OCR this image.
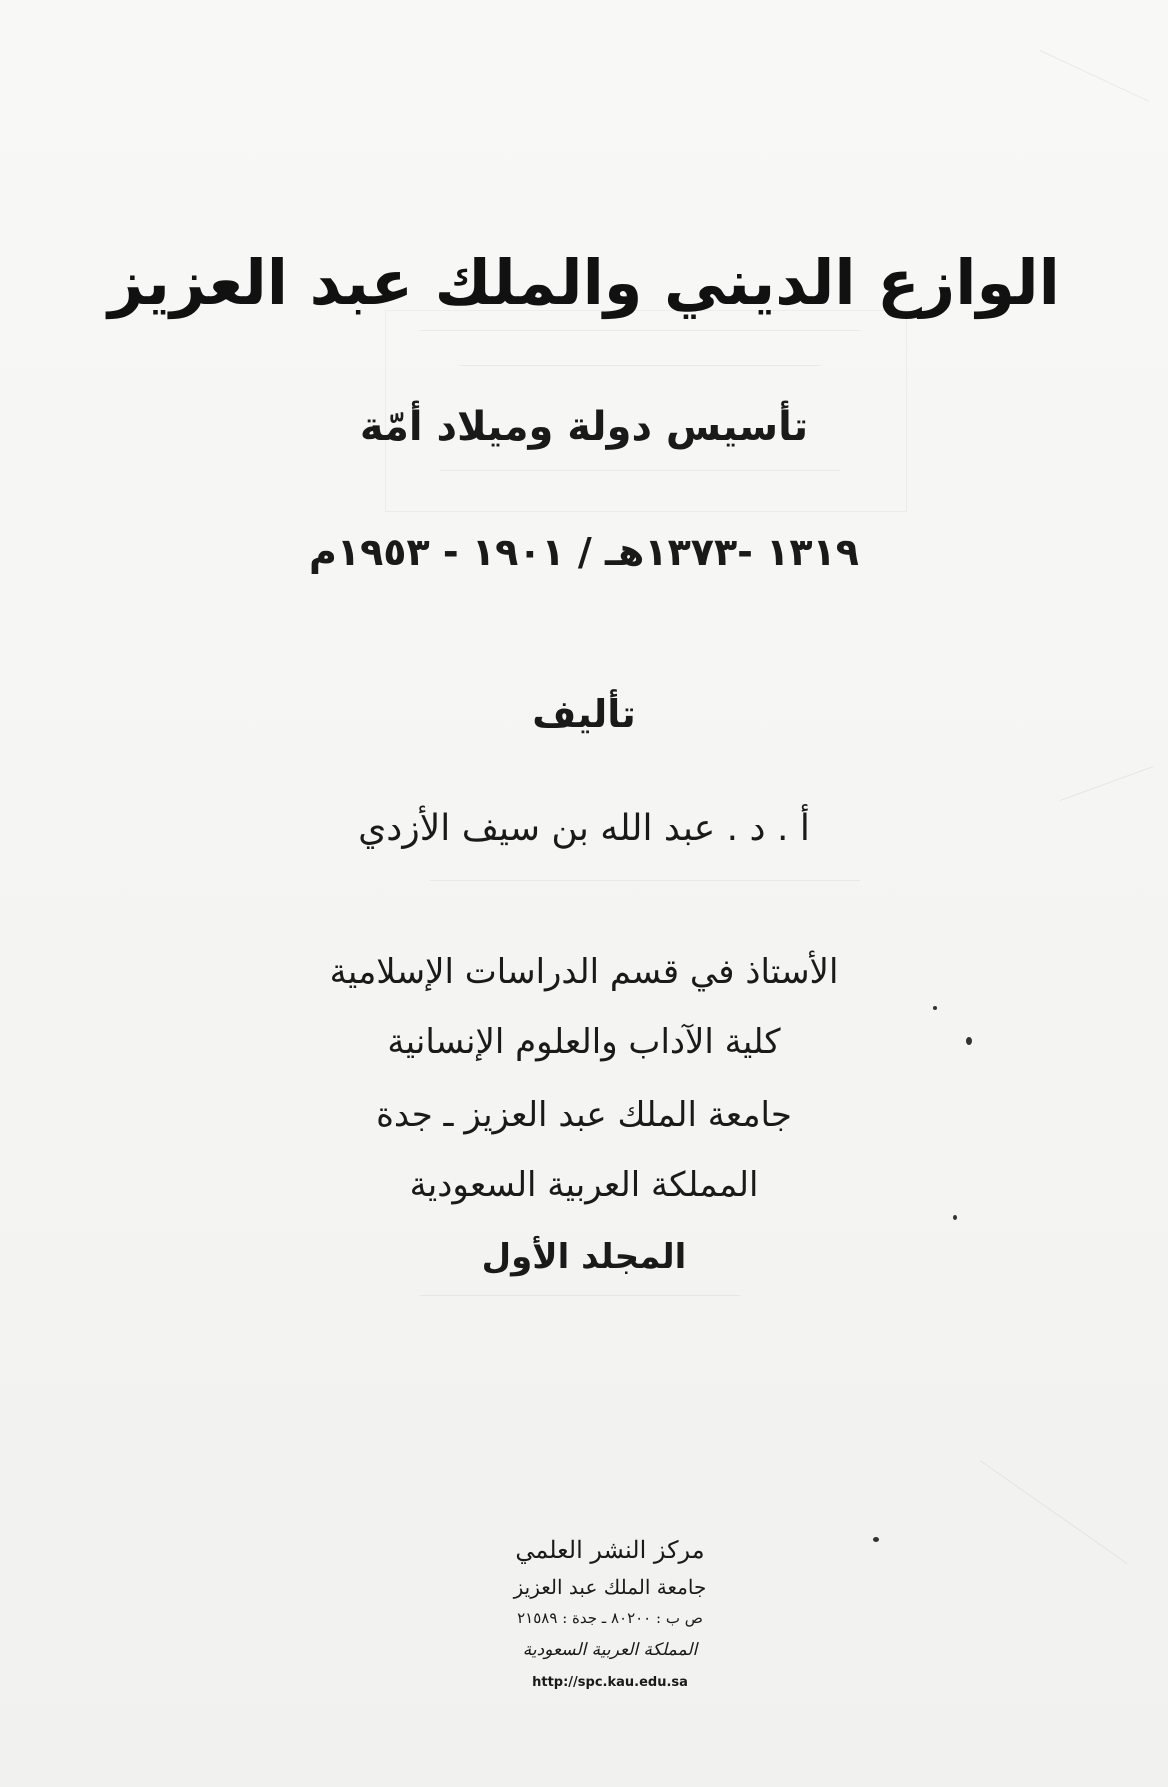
الوازع الديني والملك عبد العزيز
تأسيس دولة وميلاد أمّة
١٣١٩ -١٣٧٣هـ / ١٩٠١ - ١٩٥٣م
تأليف
أ . د . عبد الله بن سيف الأزدي
الأستاذ في قسم الدراسات الإسلامية
كلية الآداب والعلوم الإنسانية
جامعة الملك عبد العزيز ـ جدة
المملكة العربية السعودية
المجلد الأول
مركز النشر العلمي
جامعة الملك عبد العزيز
ص ب : ٨٠٢٠٠ ـ جدة : ٢١٥٨٩
المملكة العربية السعودية
http://spc.kau.edu.sa
